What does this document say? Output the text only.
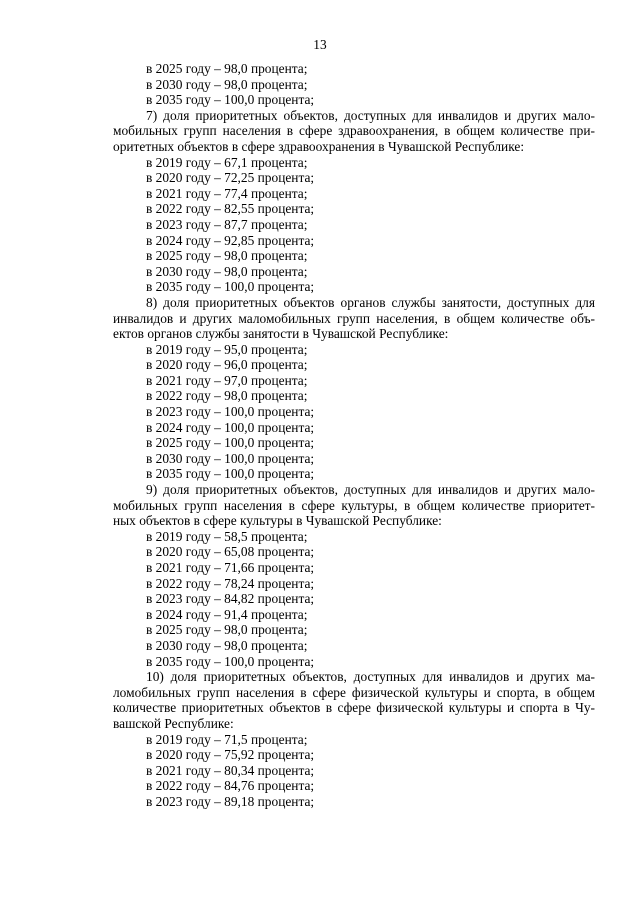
13
в 2025 году – 98,0 процента;
в 2030 году – 98,0 процента;
в 2035 году – 100,0 процента;
7) доля приоритетных объектов, доступных для инвалидов и других мало-
мобильных групп населения в сфере здравоохранения, в общем количестве при-
оритетных объектов в сфере здравоохранения в Чувашской Республике:
в 2019 году – 67,1 процента;
в 2020 году – 72,25 процента;
в 2021 году – 77,4 процента;
в 2022 году – 82,55 процента;
в 2023 году – 87,7 процента;
в 2024 году – 92,85 процента;
в 2025 году – 98,0 процента;
в 2030 году – 98,0 процента;
в 2035 году – 100,0 процента;
8) доля приоритетных объектов органов службы занятости, доступных для
инвалидов и других маломобильных групп населения, в общем количестве объ-
ектов органов службы занятости в Чувашской Республике:
в 2019 году – 95,0 процента;
в 2020 году – 96,0 процента;
в 2021 году – 97,0 процента;
в 2022 году – 98,0 процента;
в 2023 году – 100,0 процента;
в 2024 году – 100,0 процента;
в 2025 году – 100,0 процента;
в 2030 году – 100,0 процента;
в 2035 году – 100,0 процента;
9) доля приоритетных объектов, доступных для инвалидов и других мало-
мобильных групп населения в сфере культуры, в общем количестве приоритет-
ных объектов в сфере культуры в Чувашской Республике:
в 2019 году – 58,5 процента;
в 2020 году – 65,08 процента;
в 2021 году – 71,66 процента;
в 2022 году – 78,24 процента;
в 2023 году – 84,82 процента;
в 2024 году – 91,4 процента;
в 2025 году – 98,0 процента;
в 2030 году – 98,0 процента;
в 2035 году – 100,0 процента;
10) доля приоритетных объектов, доступных для инвалидов и других ма-
ломобильных групп населения в сфере физической культуры и спорта, в общем
количестве приоритетных объектов в сфере физической культуры и спорта в Чу-
вашской Республике:
в 2019 году – 71,5 процента;
в 2020 году – 75,92 процента;
в 2021 году – 80,34 процента;
в 2022 году – 84,76 процента;
в 2023 году – 89,18 процента;
